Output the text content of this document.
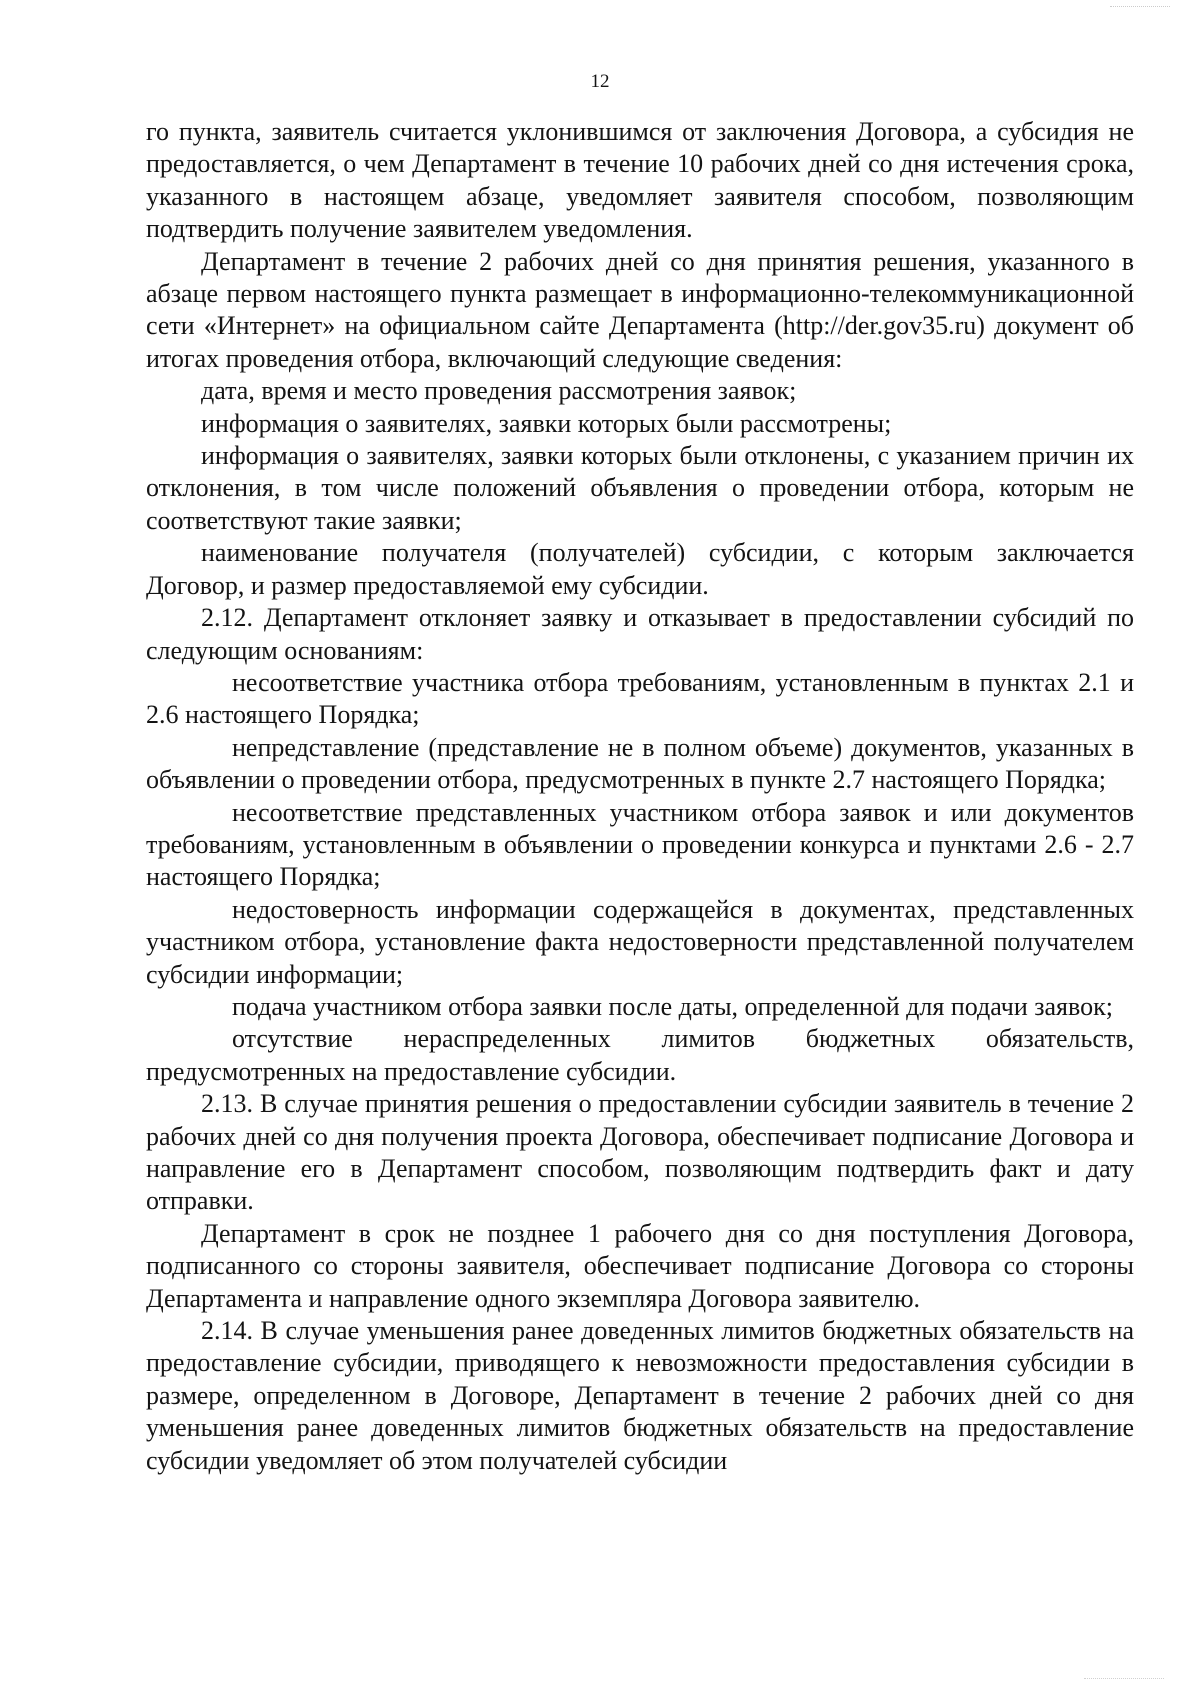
12

го пункта, заявитель считается уклонившимся от заключения Договора, а субсидия не предоставляется, о чем Департамент в течение 10 рабочих дней со дня истечения срока, указанного в настоящем абзаце, уведомляет заявителя способом, позволяющим подтвердить получение заявителем уведомления.

Департамент в течение 2 рабочих дней со дня принятия решения, указанного в абзаце первом настоящего пункта размещает в информационно-телекоммуникационной сети «Интернет» на официальном сайте Департамента (http://der.gov35.ru) документ об итогах проведения отбора, включающий следующие сведения:

дата, время и место проведения рассмотрения заявок;

информация о заявителях, заявки которых были рассмотрены;

информация о заявителях, заявки которых были отклонены, с указанием причин их отклонения, в том числе положений объявления о проведении отбора, которым не соответствуют такие заявки;

наименование получателя (получателей) субсидии, с которым заключается Договор, и размер предоставляемой ему субсидии.

2.12. Департамент отклоняет заявку и отказывает в предоставлении субсидий по следующим основаниям:

несоответствие участника отбора требованиям, установленным в пунктах 2.1 и 2.6 настоящего Порядка;

непредставление (представление не в полном объеме) документов, указанных в объявлении о проведении отбора, предусмотренных в пункте 2.7 настоящего Порядка;

несоответствие представленных участником отбора заявок и или документов требованиям, установленным в объявлении о проведении конкурса и пунктами 2.6 - 2.7 настоящего Порядка;

недостоверность информации содержащейся в документах, представленных участником отбора, установление факта недостоверности представленной получателем субсидии информации;

подача участником отбора заявки после даты, определенной для подачи заявок;

отсутствие нераспределенных лимитов бюджетных обязательств, предусмотренных на предоставление субсидии.

2.13. В случае принятия решения о предоставлении субсидии заявитель в течение 2 рабочих дней со дня получения проекта Договора, обеспечивает подписание Договора и направление его в Департамент способом, позволяющим подтвердить факт и дату отправки.

Департамент в срок не позднее 1 рабочего дня со дня поступления Договора, подписанного со стороны заявителя, обеспечивает подписание Договора со стороны Департамента и направление одного экземпляра Договора заявителю.

2.14. В случае уменьшения ранее доведенных лимитов бюджетных обязательств на предоставление субсидии, приводящего к невозможности предоставления субсидии в размере, определенном в Договоре, Департамент в течение 2 рабочих дней со дня уменьшения ранее доведенных лимитов бюджетных обязательств на предоставление субсидии уведомляет об этом получателей субсидии
